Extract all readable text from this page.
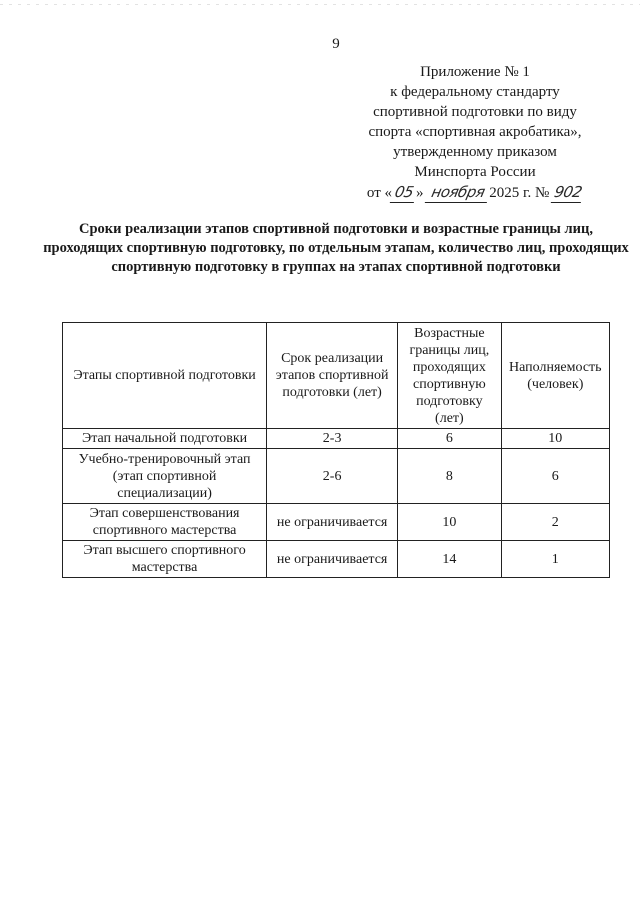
9
Приложение № 1
к федеральному стандарту
спортивной подготовки по виду
спорта «спортивная акробатика»,
утвержденному приказом
Минспорта России
от «05» ноября 2025 г. № 902
Сроки реализации этапов спортивной подготовки и возрастные границы лиц, проходящих спортивную подготовку, по отдельным этапам, количество лиц, проходящих спортивную подготовку в группах на этапах спортивной подготовки
Этапы спортивной подготовки	Срок реализации этапов спортивной подготовки (лет)	Возрастные границы лиц, проходящих спортивную подготовку (лет)	Наполняемость (человек)
Этап начальной подготовки	2-3	6	10
Учебно-тренировочный этап (этап спортивной специализации)	2-6	8	6
Этап совершенствования спортивного мастерства	не ограничивается	10	2
Этап высшего спортивного мастерства	не ограничивается	14	1
